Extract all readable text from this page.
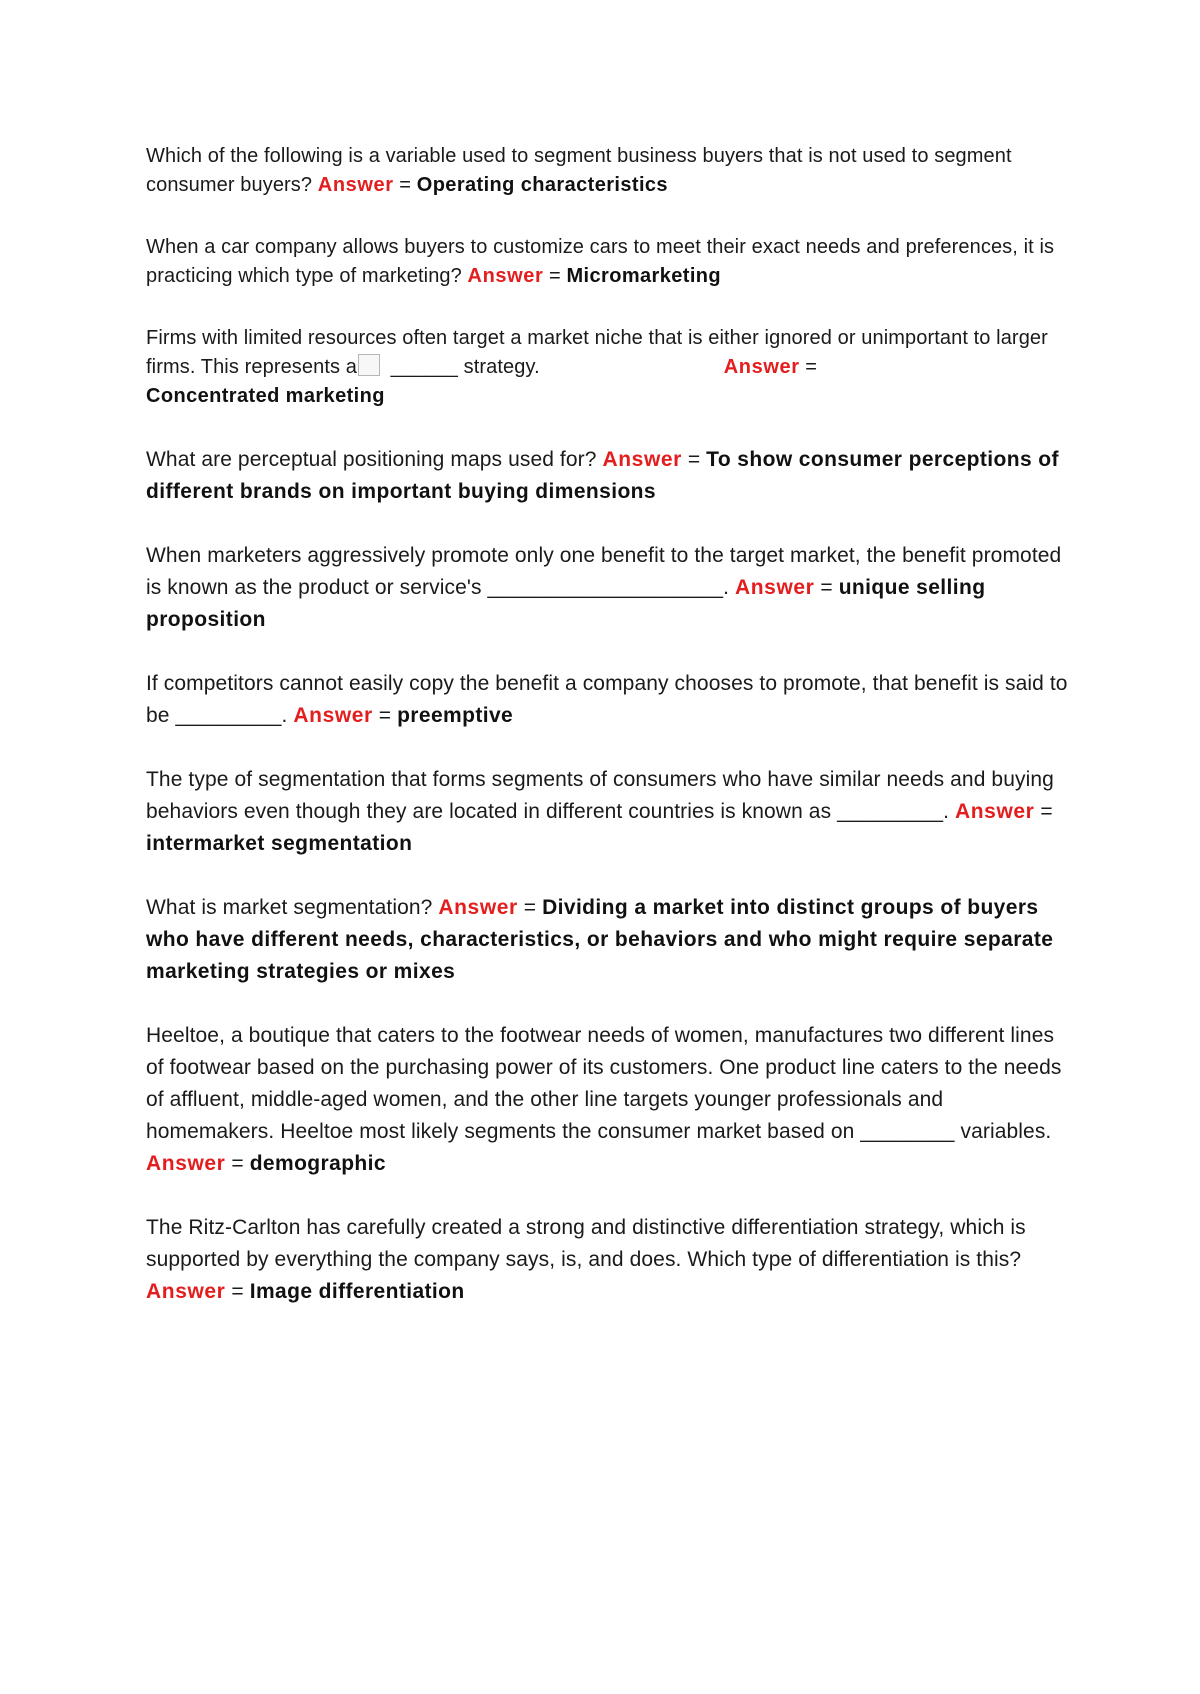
Which of the following is a variable used to segment business buyers that is not used to segment consumer buyers? Answer = Operating characteristics

When a car company allows buyers to customize cars to meet their exact needs and preferences, it is practicing which type of marketing? Answer = Micromarketing

Firms with limited resources often target a market niche that is either ignored or unimportant to larger firms. This represents a ______ strategy.	Answer =
Concentrated marketing

What are perceptual positioning maps used for? Answer = To show consumer perceptions of different brands on important buying dimensions

When marketers aggressively promote only one benefit to the target market, the benefit promoted is known as the product or service's ____________________. Answer = unique selling proposition

If competitors cannot easily copy the benefit a company chooses to promote, that benefit is said to be _________. Answer = preemptive

The type of segmentation that forms segments of consumers who have similar needs and buying behaviors even though they are located in different countries is known as _________. Answer = intermarket segmentation

What is market segmentation? Answer = Dividing a market into distinct groups of buyers who have different needs, characteristics, or behaviors and who might require separate marketing strategies or mixes

Heeltoe, a boutique that caters to the footwear needs of women, manufactures two different lines of footwear based on the purchasing power of its customers. One product line caters to the needs of affluent, middle-aged women, and the other line targets younger professionals and homemakers. Heeltoe most likely segments the consumer market based on ________ variables. Answer = demographic

The Ritz-Carlton has carefully created a strong and distinctive differentiation strategy, which is supported by everything the company says, is, and does. Which type of differentiation is this? Answer = Image differentiation
